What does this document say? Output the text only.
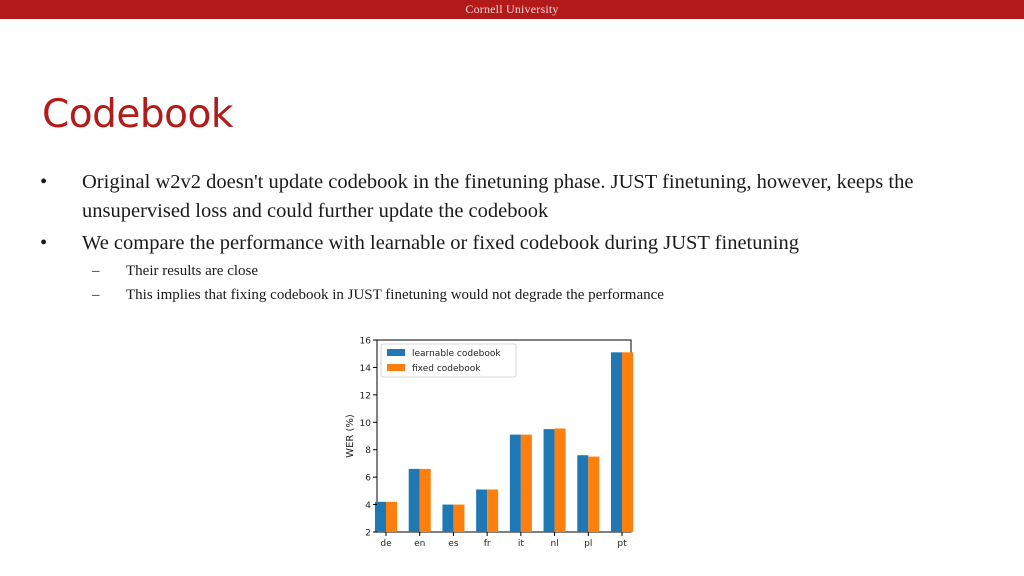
Cornell University
Codebook
• Original w2v2 doesn't update codebook in the finetuning phase. JUST finetuning, however, keeps the unsupervised loss and could further update the codebook
• We compare the performance with learnable or fixed codebook during JUST finetuning
– Their results are close
– This implies that fixing codebook in JUST finetuning would not degrade the performance
2
4
6
8
10
12
14
16
de en	es	fr	it	nl	pl	pt
WER (%)
learnable codebook
fixed codebook
